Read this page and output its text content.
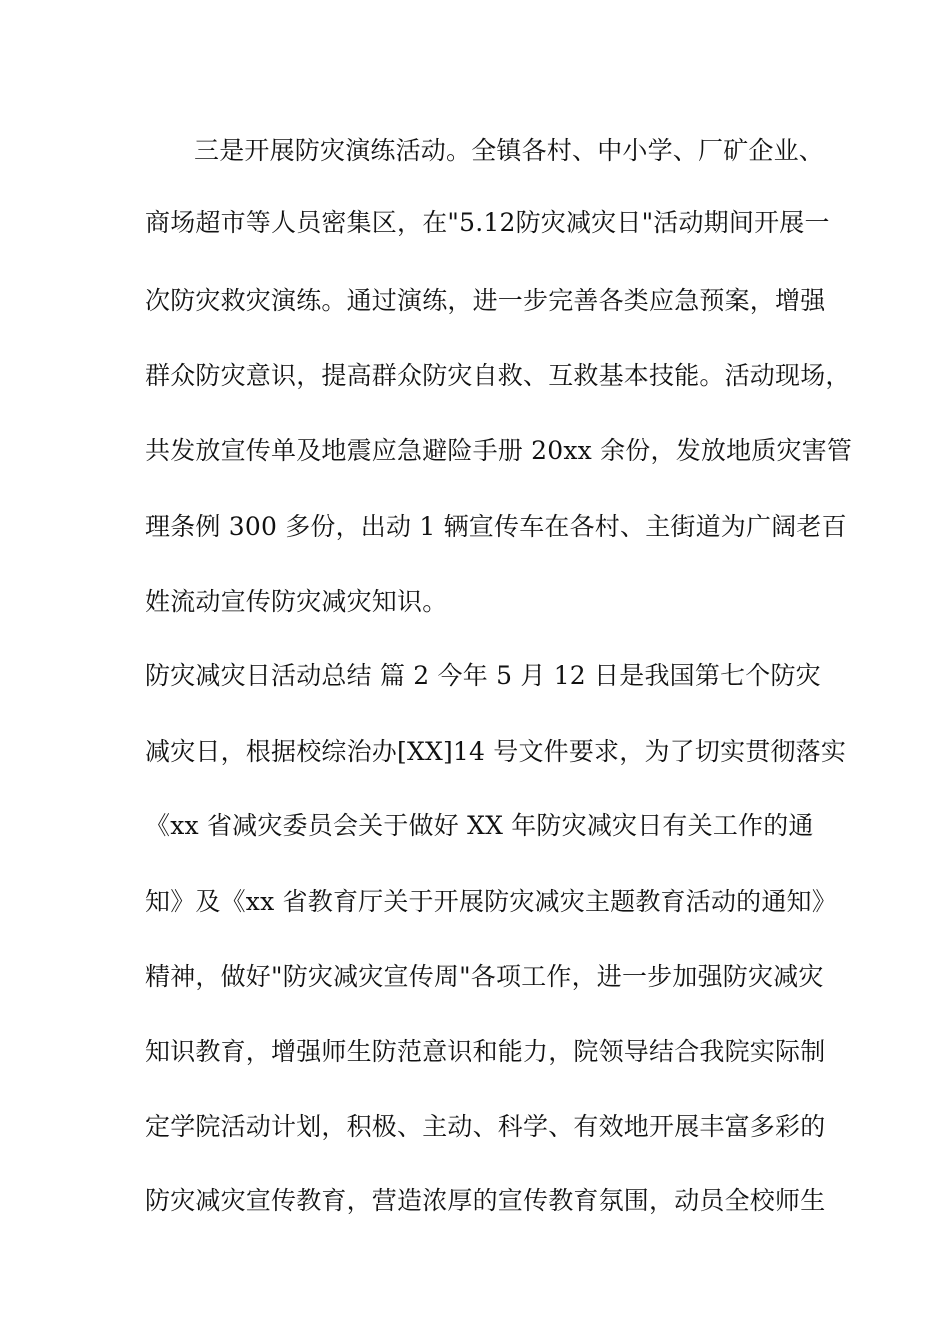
三是开展防灾演练活动。全镇各村、中小学、厂矿企业、
商场超市等人员密集区，在"5.12防灾减灾日"活动期间开展一
次防灾救灾演练。通过演练，进一步完善各类应急预案，增强
群众防灾意识，提高群众防灾自救、互救基本技能。活动现场，
共发放宣传单及地震应急避险手册 20xx 余份，发放地质灾害管
理条例 300 多份，出动 1 辆宣传车在各村、主街道为广阔老百
姓流动宣传防灾减灾知识。
防灾减灾日活动总结 篇 2 今年 5 月 12 日是我国第七个防灾
减灾日，根据校综治办[XX]14 号文件要求，为了切实贯彻落实
《xx 省减灾委员会关于做好 XX 年防灾减灾日有关工作的通
知》及《xx 省教育厅关于开展防灾减灾主题教育活动的通知》
精神，做好"防灾减灾宣传周"各项工作，进一步加强防灾减灾
知识教育，增强师生防范意识和能力，院领导结合我院实际制
定学院活动计划，积极、主动、科学、有效地开展丰富多彩的
防灾减灾宣传教育，营造浓厚的宣传教育氛围，动员全校师生
